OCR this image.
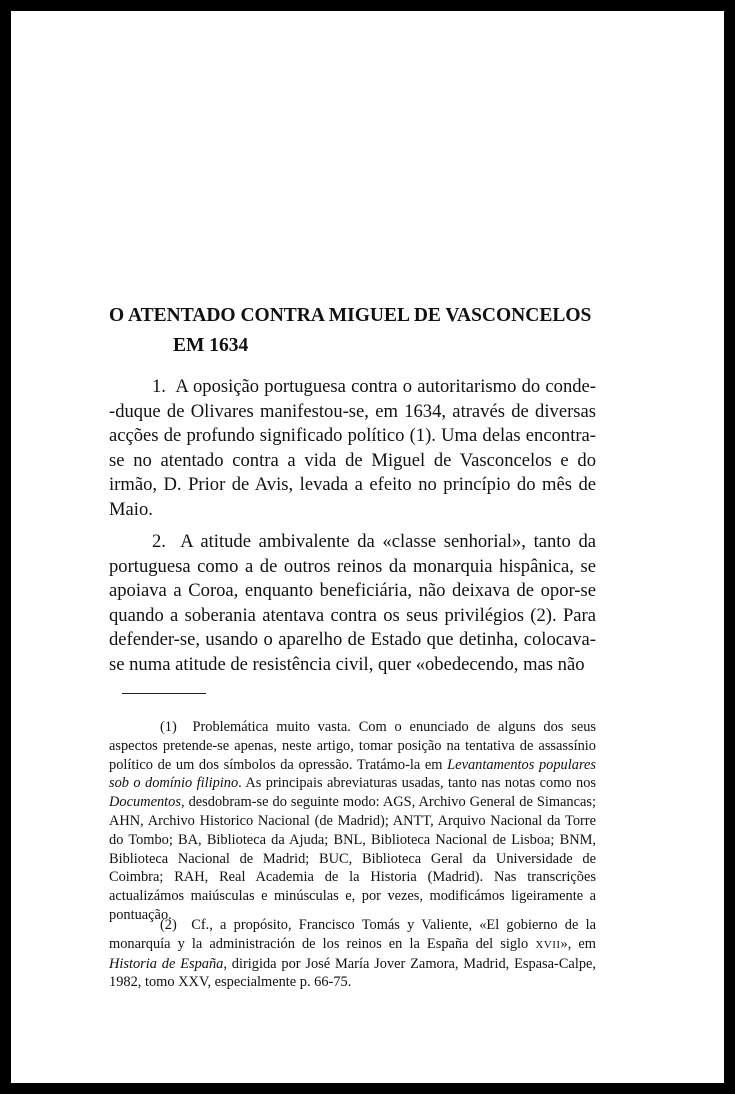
O ATENTADO CONTRA MIGUEL DE VASCONCELOS
EM 1634

1. A oposição portuguesa contra o autoritarismo do conde--duque de Olivares manifestou-se, em 1634, através de diversas acções de profundo significado político (1). Uma delas encontra-se no atentado contra a vida de Miguel de Vasconcelos e do irmão, D. Prior de Avis, levada a efeito no princípio do mês de Maio.

2. A atitude ambivalente da «classe senhorial», tanto da portuguesa como a de outros reinos da monarquia hispânica, se apoiava a Coroa, enquanto beneficiária, não deixava de opor-se quando a soberania atentava contra os seus privilégios (2). Para defender-se, usando o aparelho de Estado que detinha, colocava-se numa atitude de resistência civil, quer «obedecendo, mas não

(1) Problemática muito vasta. Com o enunciado de alguns dos seus aspectos pretende-se apenas, neste artigo, tomar posição na tentativa de assassínio político de um dos símbolos da opressão. Tratámo-la em Levantamentos populares sob o domínio filipino. As principais abreviaturas usadas, tanto nas notas como nos Documentos, desdobram-se do seguinte modo: AGS, Archivo General de Simancas; AHN, Archivo Historico Nacional (de Madrid); ANTT, Arquivo Nacional da Torre do Tombo; BA, Biblioteca da Ajuda; BNL, Biblioteca Nacional de Lisboa; BNM, Biblioteca Nacional de Madrid; BUC, Biblioteca Geral da Universidade de Coimbra; RAH, Real Academia de la Historia (Madrid). Nas transcrições actualizámos maiúsculas e minúsculas e, por vezes, modificámos ligeiramente a pontuação.

(2) Cf., a propósito, Francisco Tomás y Valiente, «El gobierno de la monarquía y la administración de los reinos en la España del siglo XVII», em Historia de España, dirigida por José María Jover Zamora, Madrid, Espasa-Calpe, 1982, tomo XXV, especialmente p. 66-75.
